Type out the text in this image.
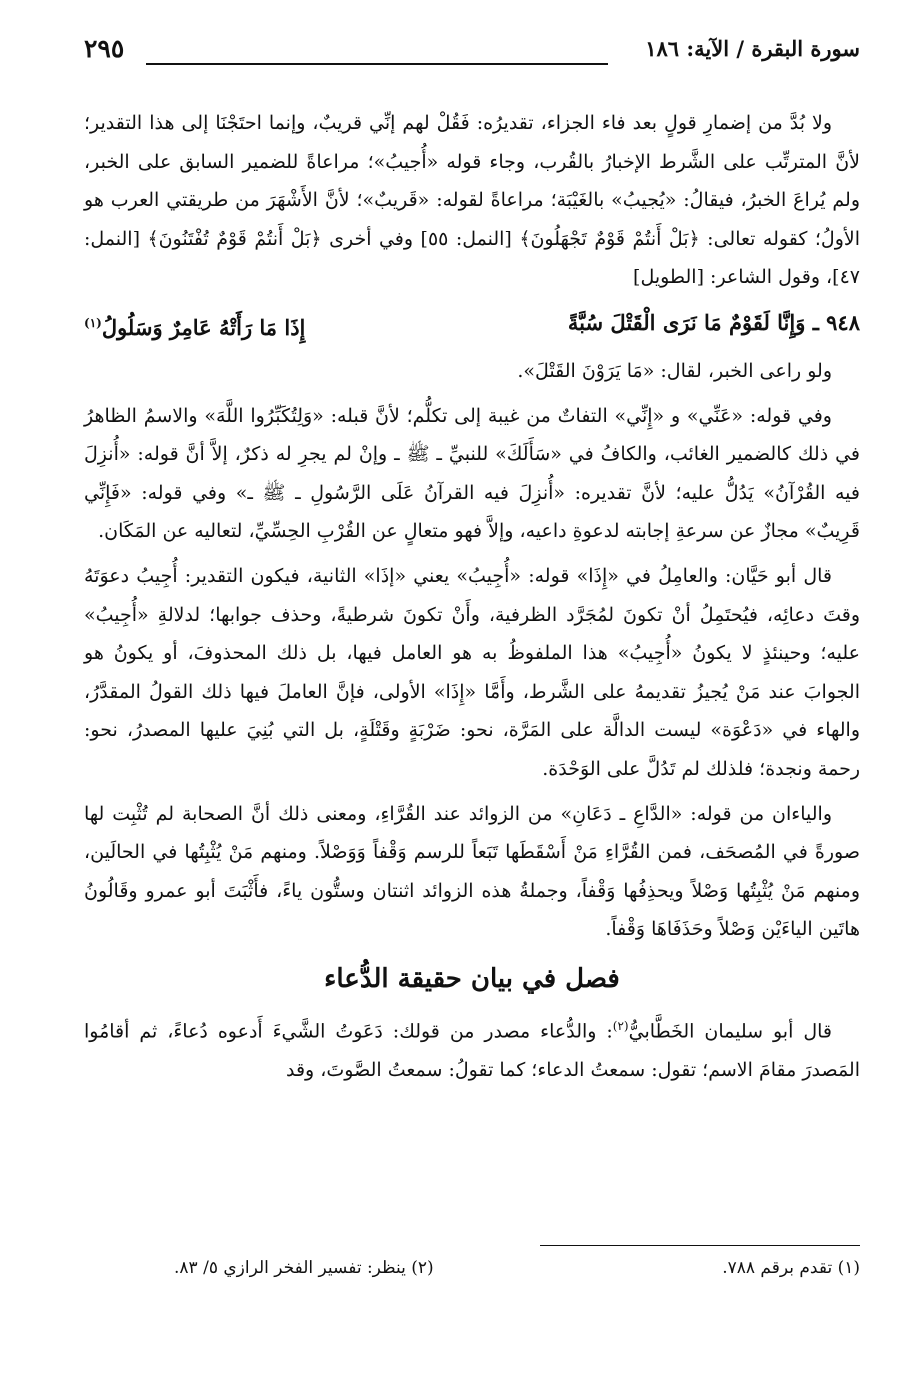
سورة البقرة / الآية: ١٨٦
٢٩٥

ولا بُدَّ من إضمارِ قولٍ بعد فاء الجزاء، تقديرُه: فَقُلْ لهم إنِّي قريبٌ، وإنما احتَجْنَا إلى هذا التقدير؛ لأنَّ المترتِّب على الشَّرط الإخبارُ بالقُرب، وجاء قوله «أُجيبُ»؛ مراعاةً للضمير السابق على الخبر، ولم يُراعَ الخبرُ، فيقالُ: «يُجيبُ» بالغَيْبَة؛ مراعاةً لقوله: «قَريبٌ»؛ لأنَّ الأَشْهَرَ من طريقتي العرب هو الأولُ؛ كقوله تعالى: ﴿بَلْ أَنتُمْ قَوْمٌ تَجْهَلُونَ﴾ [النمل: ٥٥] وفي أخرى ﴿بَلْ أَنتُمْ قَوْمٌ تُفْتَنُونَ﴾ [النمل: ٤٧]، وقول الشاعر: [الطويل]

٩٤٨ ـ وَإِنَّا لَقَوْمٌ مَا نَرَى الْقَتْلَ سُبَّةً
إِذَا مَا رَأَتْهُ عَامِرٌ وَسَلُولُ$^{(١)}$

ولو راعى الخبر، لقال: «مَا يَرَوْنَ القَتْلَ».

وفي قوله: «عَنِّي» و «إِنِّي» التفاتٌ من غيبة إلى تكلُّم؛ لأنَّ قبله: «وَلِتُكَبِّرُوا اللَّهَ» والاسمُ الظاهرُ في ذلك كالضمير الغائب، والكافُ في «سَأَلَكَ» للنبيِّ ـ ﷺ ـ وإنْ لم يجرِ له ذكرٌ، إلاَّ أنَّ قوله: «أُنزِلَ فيه القُرْآنُ» يَدُلُّ عليه؛ لأنَّ تقديره: «أُنزِلَ فيه القرآنُ عَلَى الرَّسُولِ ـ ﷺ ـ» وفي قوله: «فَإِنِّي قَرِيبٌ» مجازٌ عن سرعةِ إجابته لدعوةِ داعيه، وإلاَّ فهو متعالٍ عن القُرْبِ الحِسِّيِّ، لتعاليه عن المَكَان.

قال أبو حَيَّان: والعامِلُ في «إِذَا» قوله: «أُجِيبُ» يعني «إذَا» الثانية، فيكون التقدير: أُجِيبُ دعوَتَهُ وقتَ دعائِه، فيُحتَمِلُ أنْ تكونَ لمُجَرَّد الظرفية، وأَنْ تكونَ شرطيةً، وحذف جوابها؛ لدلالةِ «أُجِيبُ» عليه؛ وحينئذٍ لا يكونُ «أُجِيبُ» هذا الملفوظُ به هو العامل فيها، بل ذلك المحذوفَ، أو يكونُ هو الجوابَ عند مَنْ يُجيزُ تقديمهُ على الشَّرط، وأَمَّا «إِذَا» الأولى، فإنَّ العاملَ فيها ذلك القولُ المقدَّرُ، والهاء في «دَعْوَة» ليست الدالَّة على المَرَّة، نحو: ضَرْبَةٍ وقَتْلَةٍ، بل التي بُنِيَ عليها المصدرُ، نحو: رحمة ونجدة؛ فلذلك لم تَدُلَّ على الوَحْدَة.

والياءان من قوله: «الدَّاعِ ـ دَعَانِ» من الزوائد عند القُرَّاءِ، ومعنى ذلك أنَّ الصحابة لم تُثْبِت لها صورةً في المُصحَف، فمن القُرَّاءِ مَنْ أَسْقَطَها تَبَعاً للرسم وَقْفاً وَوَصْلاً. ومنهم مَنْ يُثْبِتُها في الحالَين، ومنهم مَنْ يُثْبِتُها وَصْلاً ويحذِفُها وَقْفاً، وجملةُ هذه الزوائد اثنتان وستُّون ياءً، فأَثْبَتَ أبو عمرو وقَالُونُ هاتَين الياءَيْن وَصْلاً وحَذَفَاهَا وَقْفاً.

فصل في بيان حقيقة الدُّعاء

قال أبو سليمان الخَطَّابيُّ$^{(٢)}$: والدُّعاء مصدر من قولك: دَعَوتُ الشَّيءَ أَدعوه دُعاءً، ثم أقامُوا المَصدرَ مقامَ الاسم؛ تقول: سمعتُ الدعاء؛ كما تقولُ: سمعتُ الصَّوتَ، وقد

(١) تقدم برقم ٧٨٨.
(٢) ينظر: تفسير الفخر الرازي ٥/ ٨٣.
